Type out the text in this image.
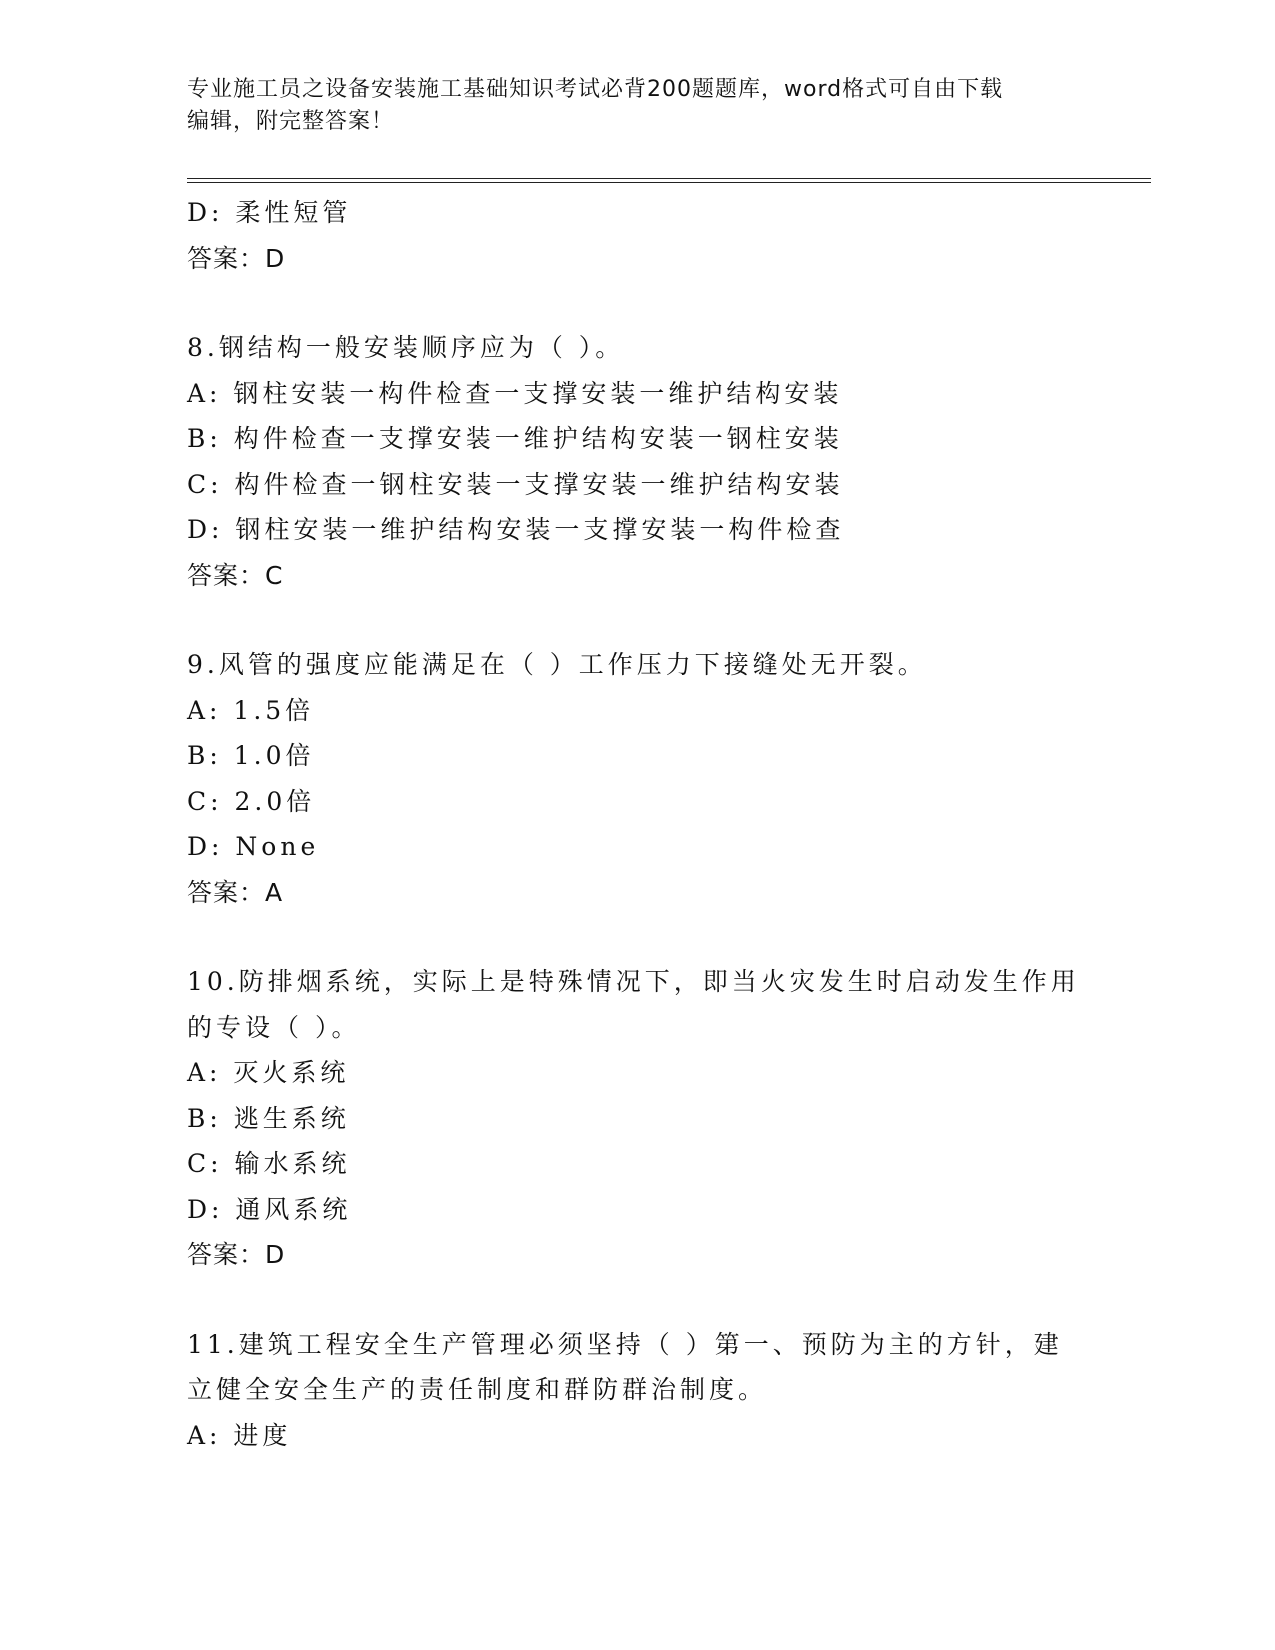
专业施工员之设备安装施工基础知识考试必背200题题库，word格式可自由下载
编辑，附完整答案！
D: 柔性短管
答案：D
8.钢结构一般安装顺序应为（ ）。
A: 钢柱安装一构件检查一支撑安装一维护结构安装
B: 构件检查一支撑安装一维护结构安装一钢柱安装
C: 构件检查一钢柱安装一支撑安装一维护结构安装
D: 钢柱安装一维护结构安装一支撑安装一构件检查
答案：C
9.风管的强度应能满足在（ ）工作压力下接缝处无开裂。
A: 1.5倍
B: 1.0倍
C: 2.0倍
D: None
答案：A
10.防排烟系统，实际上是特殊情况下，即当火灾发生时启动发生作用
的专设（ ）。
A: 灭火系统
B: 逃生系统
C: 输水系统
D: 通风系统
答案：D
11.建筑工程安全生产管理必须坚持（ ）第一、预防为主的方针，建
立健全安全生产的责任制度和群防群治制度。
A: 进度
